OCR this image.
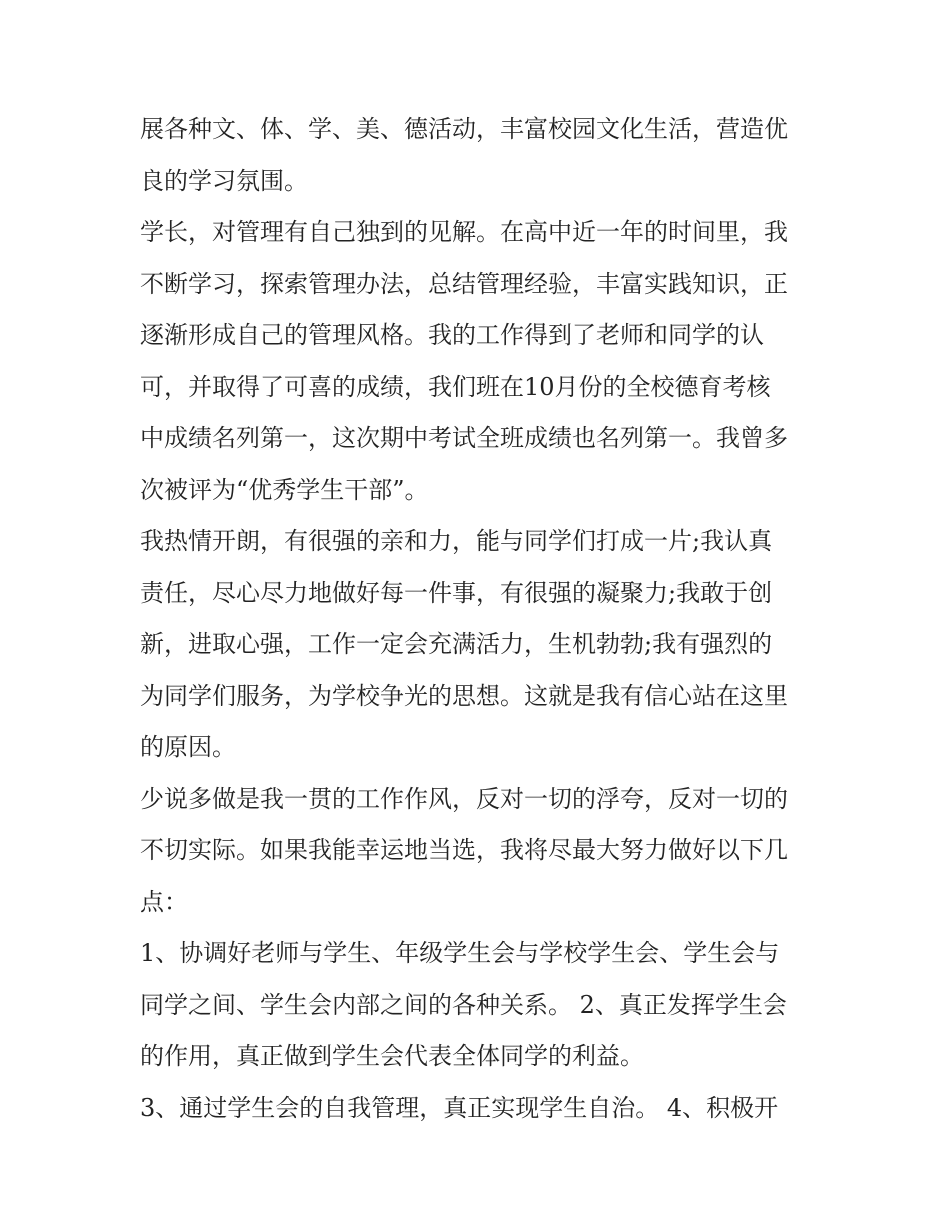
展各种文、体、学、美、德活动，丰富校园文化生活，营造优
良的学习氛围。
学长，对管理有自己独到的见解。在高中近一年的时间里，我
不断学习，探索管理办法，总结管理经验，丰富实践知识，正
逐渐形成自己的管理风格。我的工作得到了老师和同学的认
可，并取得了可喜的成绩，我们班在10月份的全校德育考核
中成绩名列第一，这次期中考试全班成绩也名列第一。我曾多
次被评为“优秀学生干部”。
我热情开朗，有很强的亲和力，能与同学们打成一片;我认真
责任，尽心尽力地做好每一件事，有很强的凝聚力;我敢于创
新，进取心强，工作一定会充满活力，生机勃勃;我有强烈的
为同学们服务，为学校争光的思想。这就是我有信心站在这里
的原因。
少说多做是我一贯的工作作风，反对一切的浮夸，反对一切的
不切实际。如果我能幸运地当选，我将尽最大努力做好以下几
点：
1、协调好老师与学生、年级学生会与学校学生会、学生会与
同学之间、学生会内部之间的各种关系。 2、真正发挥学生会
的作用，真正做到学生会代表全体同学的利益。
3、通过学生会的自我管理，真正实现学生自治。 4、积极开
